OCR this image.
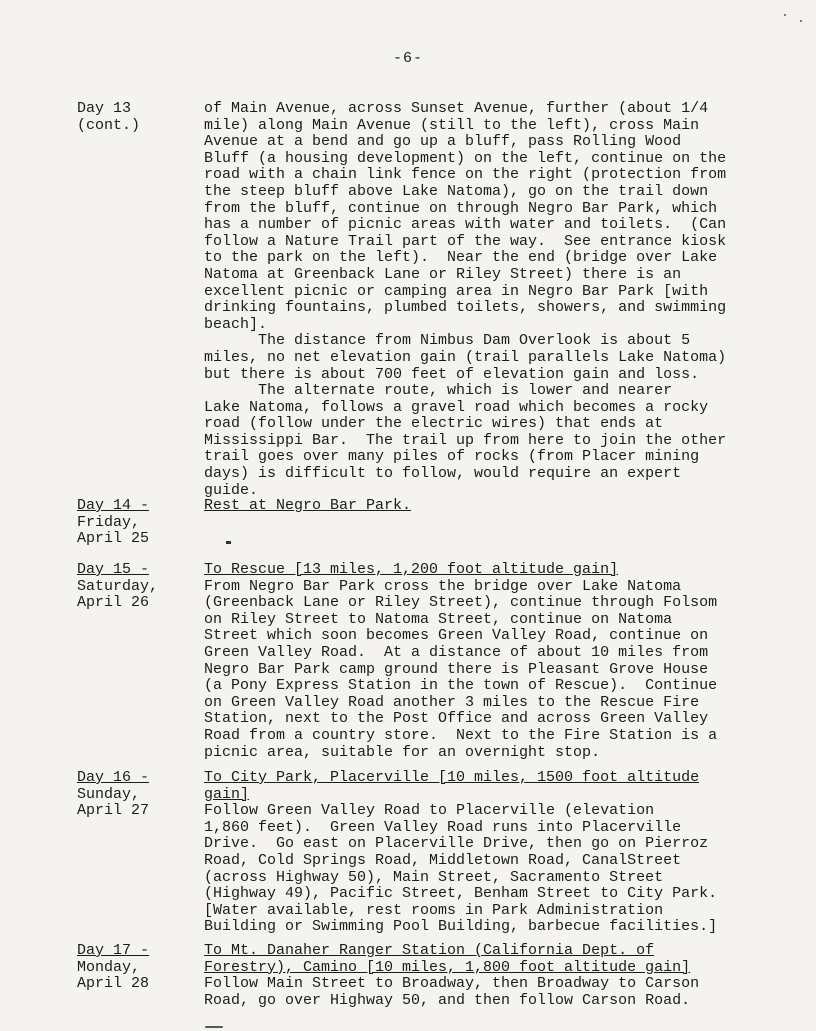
-6-
Day 13
(cont.)

of Main Avenue, across Sunset Avenue, further (about 1/4
mile) along Main Avenue (still to the left), cross Main
Avenue at a bend and go up a bluff, pass Rolling Wood
Bluff (a housing development) on the left, continue on the
road with a chain link fence on the right (protection from
the steep bluff above Lake Natoma), go on the trail down
from the bluff, continue on through Negro Bar Park, which
has a number of picnic areas with water and toilets.  (Can
follow a Nature Trail part of the way.  See entrance kiosk
to the park on the left).  Near the end (bridge over Lake
Natoma at Greenback Lane or Riley Street) there is an
excellent picnic or camping area in Negro Bar Park [with
drinking fountains, plumbed toilets, showers, and swimming
beach].

The distance from Nimbus Dam Overlook is about 5
miles, no net elevation gain (trail parallels Lake Natoma)
but there is about 700 feet of elevation gain and loss.

The alternate route, which is lower and nearer
Lake Natoma, follows a gravel road which becomes a rocky
road (follow under the electric wires) that ends at
Mississippi Bar.  The trail up from here to join the other
trail goes over many piles of rocks (from Placer mining
days) is difficult to follow, would require an expert
guide.

Day 14 -
Friday,
April 25
Rest at Negro Bar Park.
Day 15 -
Saturday,
April 26
To Rescue [13 miles, 1,200 foot altitude gain]

From Negro Bar Park cross the bridge over Lake Natoma
(Greenback Lane or Riley Street), continue through Folsom
on Riley Street to Natoma Street, continue on Natoma
Street which soon becomes Green Valley Road, continue on
Green Valley Road.  At a distance of about 10 miles from
Negro Bar Park camp ground there is Pleasant Grove House
(a Pony Express Station in the town of Rescue).  Continue
on Green Valley Road another 3 miles to the Rescue Fire
Station, next to the Post Office and across Green Valley
Road from a country store.  Next to the Fire Station is a
picnic area, suitable for an overnight stop.

Day 16 -
Sunday,
April 27
To City Park, Placerville [10 miles, 1500 foot altitude
gain]

Follow Green Valley Road to Placerville (elevation
1,860 feet).  Green Valley Road runs into Placerville
Drive.  Go east on Placerville Drive, then go on Pierroz
Road, Cold Springs Road, Middletown Road, CanalStreet
(across Highway 50), Main Street, Sacramento Street
(Highway 49), Pacific Street, Benham Street to City Park.
[Water available, rest rooms in Park Administration
Building or Swimming Pool Building, barbecue facilities.]

Day 17 -
Monday,
April 28
To Mt. Danaher Ranger Station (California Dept. of
Forestry), Camino [10 miles, 1,800 foot altitude gain]

Follow Main Street to Broadway, then Broadway to Carson
Road, go over Highway 50, and then follow Carson Road.
